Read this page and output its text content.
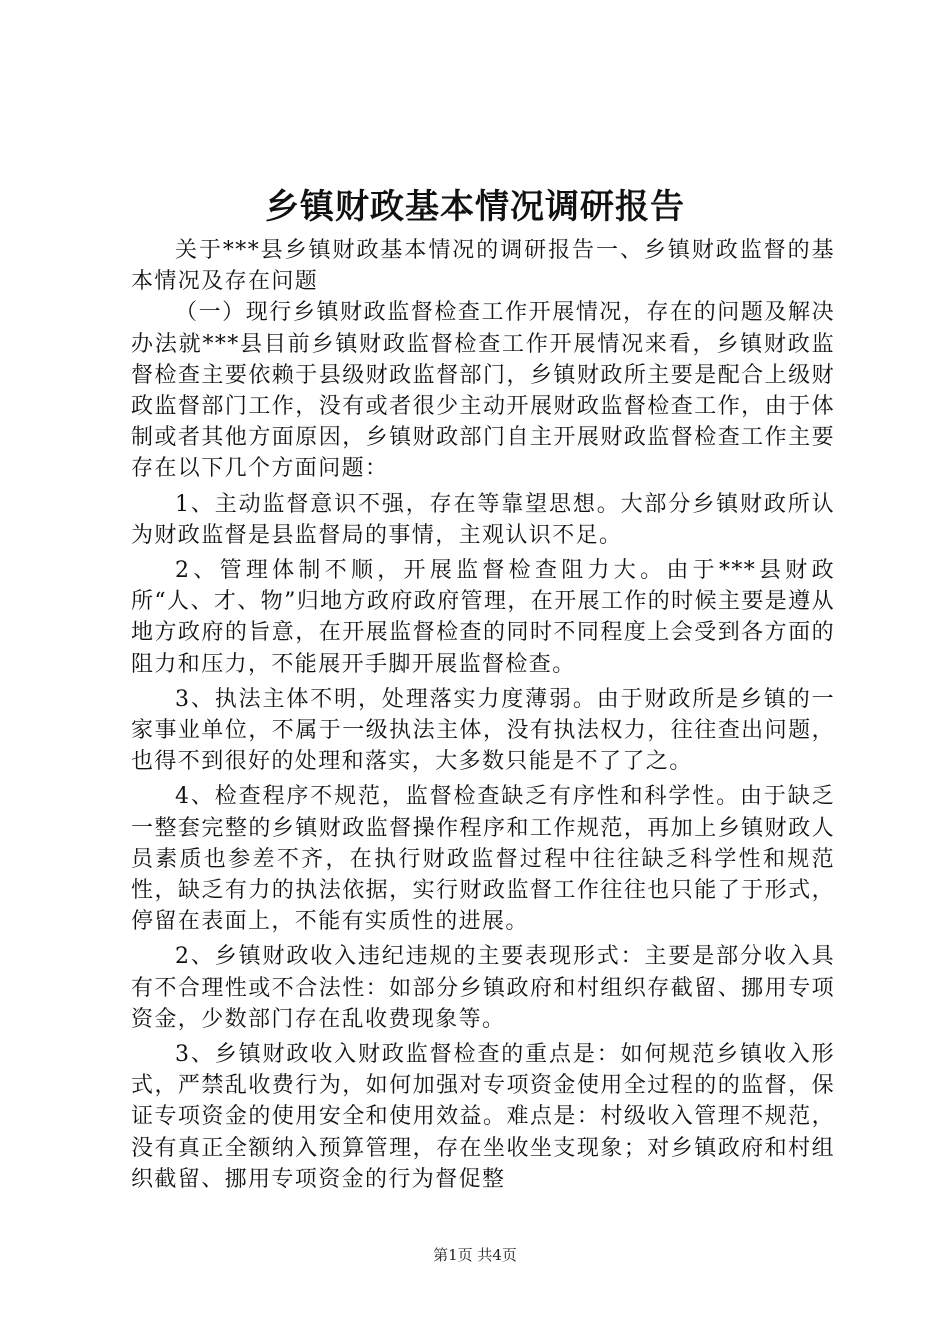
乡镇财政基本情况调研报告

关于***县乡镇财政基本情况的调研报告一、乡镇财政监督的基本情况及存在问题

（一）现行乡镇财政监督检查工作开展情况，存在的问题及解决办法就***县目前乡镇财政监督检查工作开展情况来看，乡镇财政监督检查主要依赖于县级财政监督部门，乡镇财政所主要是配合上级财政监督部门工作，没有或者很少主动开展财政监督检查工作，由于体制或者其他方面原因，乡镇财政部门自主开展财政监督检查工作主要存在以下几个方面问题：

1、主动监督意识不强，存在等靠望思想。大部分乡镇财政所认为财政监督是县监督局的事情，主观认识不足。

2、管理体制不顺，开展监督检查阻力大。由于***县财政所“人、才、物”归地方政府政府管理，在开展工作的时候主要是遵从地方政府的旨意，在开展监督检查的同时不同程度上会受到各方面的阻力和压力，不能展开手脚开展监督检查。

3、执法主体不明，处理落实力度薄弱。由于财政所是乡镇的一家事业单位，不属于一级执法主体，没有执法权力，往往查出问题，也得不到很好的处理和落实，大多数只能是不了了之。

4、检查程序不规范，监督检查缺乏有序性和科学性。由于缺乏一整套完整的乡镇财政监督操作程序和工作规范，再加上乡镇财政人员素质也参差不齐，在执行财政监督过程中往往缺乏科学性和规范性，缺乏有力的执法依据，实行财政监督工作往往也只能了于形式，停留在表面上，不能有实质性的进展。

2、乡镇财政收入违纪违规的主要表现形式：主要是部分收入具有不合理性或不合法性：如部分乡镇政府和村组织存截留、挪用专项资金，少数部门存在乱收费现象等。

3、乡镇财政收入财政监督检查的重点是：如何规范乡镇收入形式，严禁乱收费行为，如何加强对专项资金使用全过程的的监督，保证专项资金的使用安全和使用效益。难点是：村级收入管理不规范，没有真正全额纳入预算管理，存在坐收坐支现象；对乡镇政府和村组织截留、挪用专项资金的行为督促整

第1页 共4页
